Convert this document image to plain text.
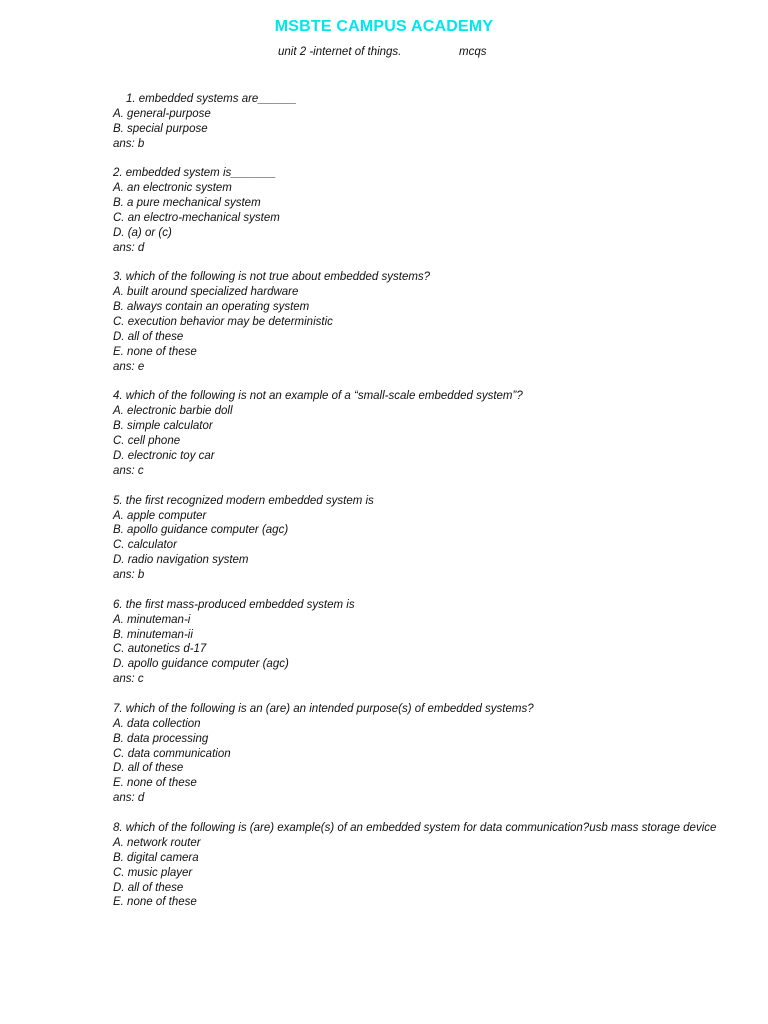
MSBTE CAMPUS ACADEMY
unit 2 -internet of things.	mcqs
1. embedded systems are______
A. general-purpose
B. special purpose
ans: b
2. embedded system is_______
A. an electronic system
B. a pure mechanical system
C. an electro-mechanical system
D. (a) or (c)
ans: d
3. which of the following is not true about embedded systems?
A. built around specialized hardware
B. always contain an operating system
C. execution behavior may be deterministic
D. all of these
E. none of these
ans: e
4. which of the following is not an example of a “small-scale embedded system”?
A. electronic barbie doll
B. simple calculator
C. cell phone
D. electronic toy car
ans: c
5. the first recognized modern embedded system is
A. apple computer
B. apollo guidance computer (agc)
C. calculator
D. radio navigation system
ans: b
6. the first mass-produced embedded system is
A. minuteman-i
B. minuteman-ii
C. autonetics d-17
D. apollo guidance computer (agc)
ans: c
7. which of the following is an (are) an intended purpose(s) of embedded systems?
A. data collection
B. data processing
C. data communication
D. all of these
E. none of these
ans: d
8. which of the following is (are) example(s) of an embedded system for data communication?usb mass storage device
A. network router
B. digital camera
C. music player
D. all of these
E. none of these
